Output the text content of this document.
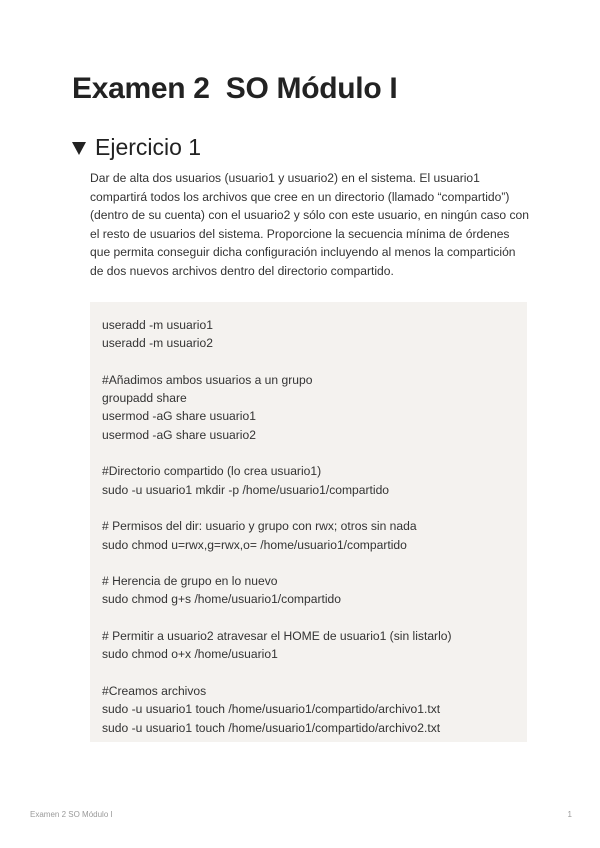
Examen 2  SO Módulo I
Ejercicio 1

Dar de alta dos usuarios (usuario1 y usuario2) en el sistema. El usuario1 compartirá todos los archivos que cree en un directorio (llamado “compartido”)(dentro de su cuenta) con el usuario2 y sólo con este usuario, en ningún caso con el resto de usuarios del sistema. Proporcione la secuencia mínima de órdenes que permita conseguir dicha configuración incluyendo al menos la compartición de dos nuevos archivos dentro del directorio compartido.

useradd -m usuario1
useradd -m usuario2
#Añadimos ambos usuarios a un grupo
groupadd share
usermod -aG share usuario1
usermod -aG share usuario2
#Directorio compartido (lo crea usuario1)
sudo -u usuario1 mkdir -p /home/usuario1/compartido
# Permisos del dir: usuario y grupo con rwx; otros sin nada
sudo chmod u=rwx,g=rwx,o= /home/usuario1/compartido
# Herencia de grupo en lo nuevo
sudo chmod g+s /home/usuario1/compartido
# Permitir a usuario2 atravesar el HOME de usuario1 (sin listarlo)
sudo chmod o+x /home/usuario1
#Creamos archivos
sudo -u usuario1 touch /home/usuario1/compartido/archivo1.txt
sudo -u usuario1 touch /home/usuario1/compartido/archivo2.txt
Examen 2 SO Módulo I	1
